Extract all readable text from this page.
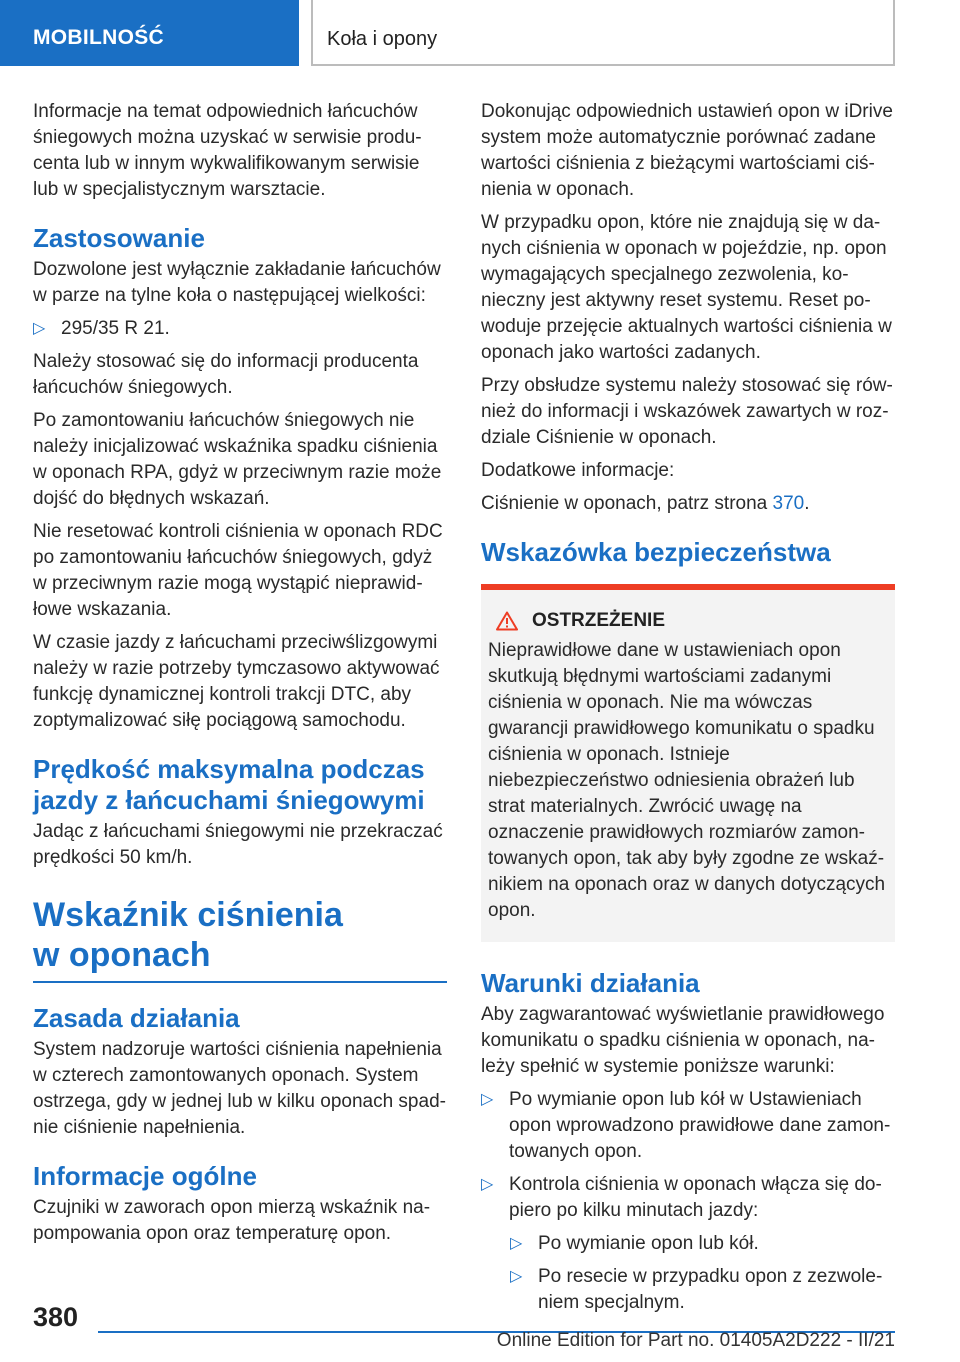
MOBILNOŚĆ	Koła i opony
Informacje na temat odpowiednich łańcuchów śniegowych można uzyskać w serwisie producenta lub w innym wykwalifikowanym serwisie lub w specjalistycznym warsztacie.
Zastosowanie
Dozwolone jest wyłącznie zakładanie łańcuchów w parze na tylne koła o następującej wielkości:
▷ 295/35 R 21.
Należy stosować się do informacji producenta łańcuchów śniegowych.
Po zamontowaniu łańcuchów śniegowych nie należy inicjalizować wskaźnika spadku ciśnienia w oponach RPA, gdyż w przeciwnym razie może dojść do błędnych wskazań.
Nie resetować kontroli ciśnienia w oponach RDC po zamontowaniu łańcuchów śniegowych, gdyż w przeciwnym razie mogą wystąpić nieprawidłowe wskazania.
W czasie jazdy z łańcuchami przeciwślizgowymi należy w razie potrzeby tymczasowo aktywować funkcję dynamicznej kontroli trakcji DTC, aby zoptymalizować siłę pociągową samochodu.
Prędkość maksymalna podczas jazdy z łańcuchami śniegowymi
Jadąc z łańcuchami śniegowymi nie przekraczać prędkości 50 km/h.
Wskaźnik ciśnienia
w oponach
Zasada działania
System nadzoruje wartości ciśnienia napełnienia w czterech zamontowanych oponach. System ostrzega, gdy w jednej lub w kilku oponach spadnie ciśnienie napełnienia.
Informacje ogólne
Czujniki w zaworach opon mierzą wskaźnik napompowania opon oraz temperaturę opon.
Dokonując odpowiednich ustawień opon w iDrive system może automatycznie porównać zadane wartości ciśnienia z bieżącymi wartościami ciśnienia w oponach.
W przypadku opon, które nie znajdują się w danych ciśnienia w oponach w pojeździe, np. opon wymagających specjalnego zezwolenia, konieczny jest aktywny reset systemu. Reset powoduje przejęcie aktualnych wartości ciśnienia w oponach jako wartości zadanych.
Przy obsłudze systemu należy stosować się również do informacji i wskazówek zawartych w rozdziale Ciśnienie w oponach.
Dodatkowe informacje:
Ciśnienie w oponach, patrz strona 370.
Wskazówka bezpieczeństwa
OSTRZEŻENIE
Nieprawidłowe dane w ustawieniach opon skutkują błędnymi wartościami zadanymi ciśnienia w oponach. Nie ma wówczas gwarancji prawidłowego komunikatu o spadku ciśnienia w oponach. Istnieje niebezpieczeństwo odniesienia obrażeń lub strat materialnych. Zwrócić uwagę na oznaczenie prawidłowych rozmiarów zamontowanych opon, tak aby były zgodne ze wskaźnikiem na oponach oraz w danych dotyczących opon.
Warunki działania
Aby zagwarantować wyświetlanie prawidłowego komunikatu o spadku ciśnienia w oponach, należy spełnić w systemie poniższe warunki:
▷ Po wymianie opon lub kół w Ustawieniach opon wprowadzono prawidłowe dane zamontowanych opon.
▷ Kontrola ciśnienia w oponach włącza się dopiero po kilku minutach jazdy:
▷ Po wymianie opon lub kół.
▷ Po resecie w przypadku opon z zezwoleniem specjalnym.
380
Online Edition for Part no. 01405A2D222 - II/21
